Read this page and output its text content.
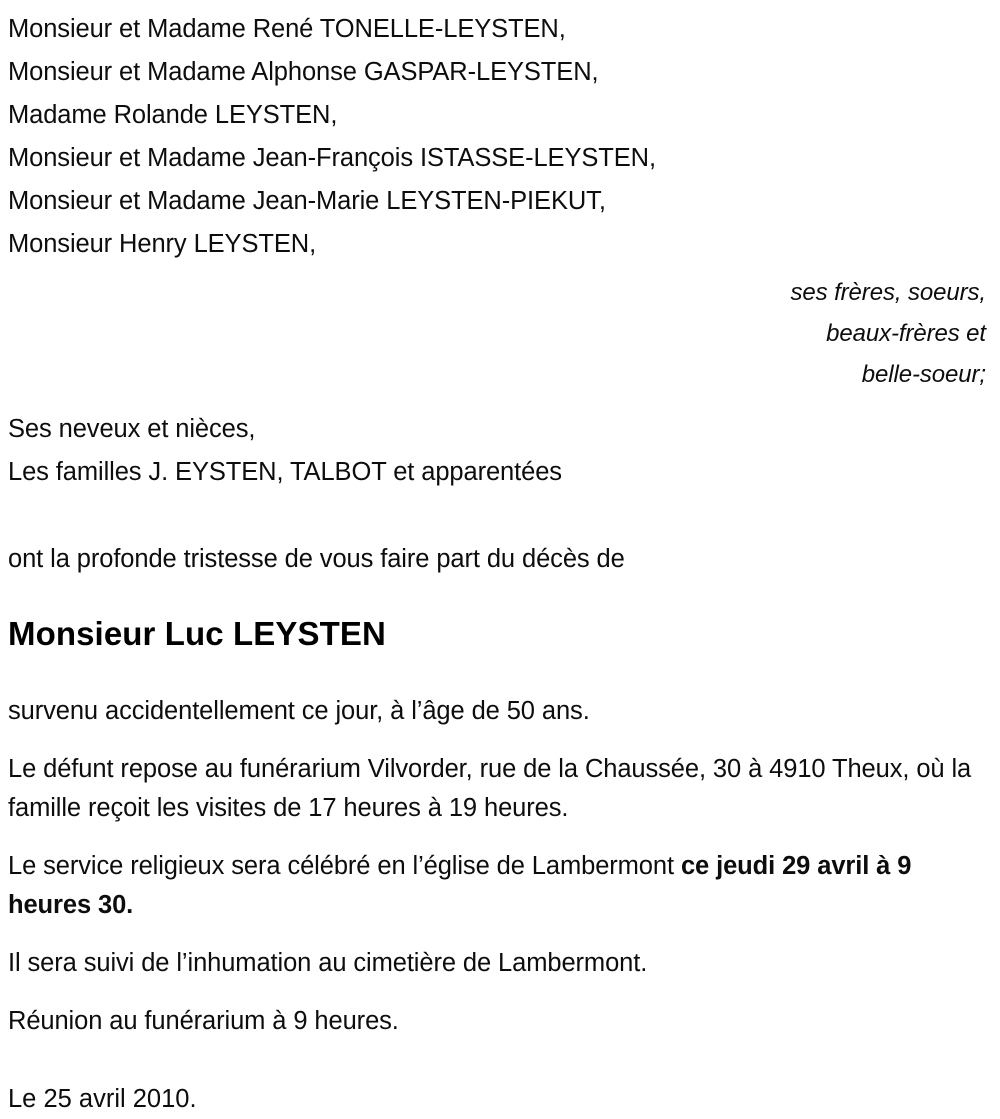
Monsieur et Madame René TONELLE-LEYSTEN,
Monsieur et Madame Alphonse GASPAR-LEYSTEN,
Madame Rolande LEYSTEN,
Monsieur et Madame Jean-François ISTASSE-LEYSTEN,
Monsieur et Madame Jean-Marie LEYSTEN-PIEKUT,
Monsieur Henry LEYSTEN,
ses frères, soeurs,
beaux-frères et
belle-soeur;
Ses neveux et nièces,
Les familles J. EYSTEN, TALBOT et apparentées
ont la profonde tristesse de vous faire part du décès de
Monsieur Luc LEYSTEN

survenu accidentellement ce jour, à l’âge de 50 ans.

Le défunt repose au funérarium Vilvorder, rue de la Chaussée, 30 à 4910 Theux, où la famille reçoit les visites de 17 heures à 19 heures.

Le service religieux sera célébré en l’église de Lambermont ce jeudi 29 avril à 9 heures 30.

Il sera suivi de l’inhumation au cimetière de Lambermont.

Réunion au funérarium à 9 heures.

Le 25 avril 2010.
